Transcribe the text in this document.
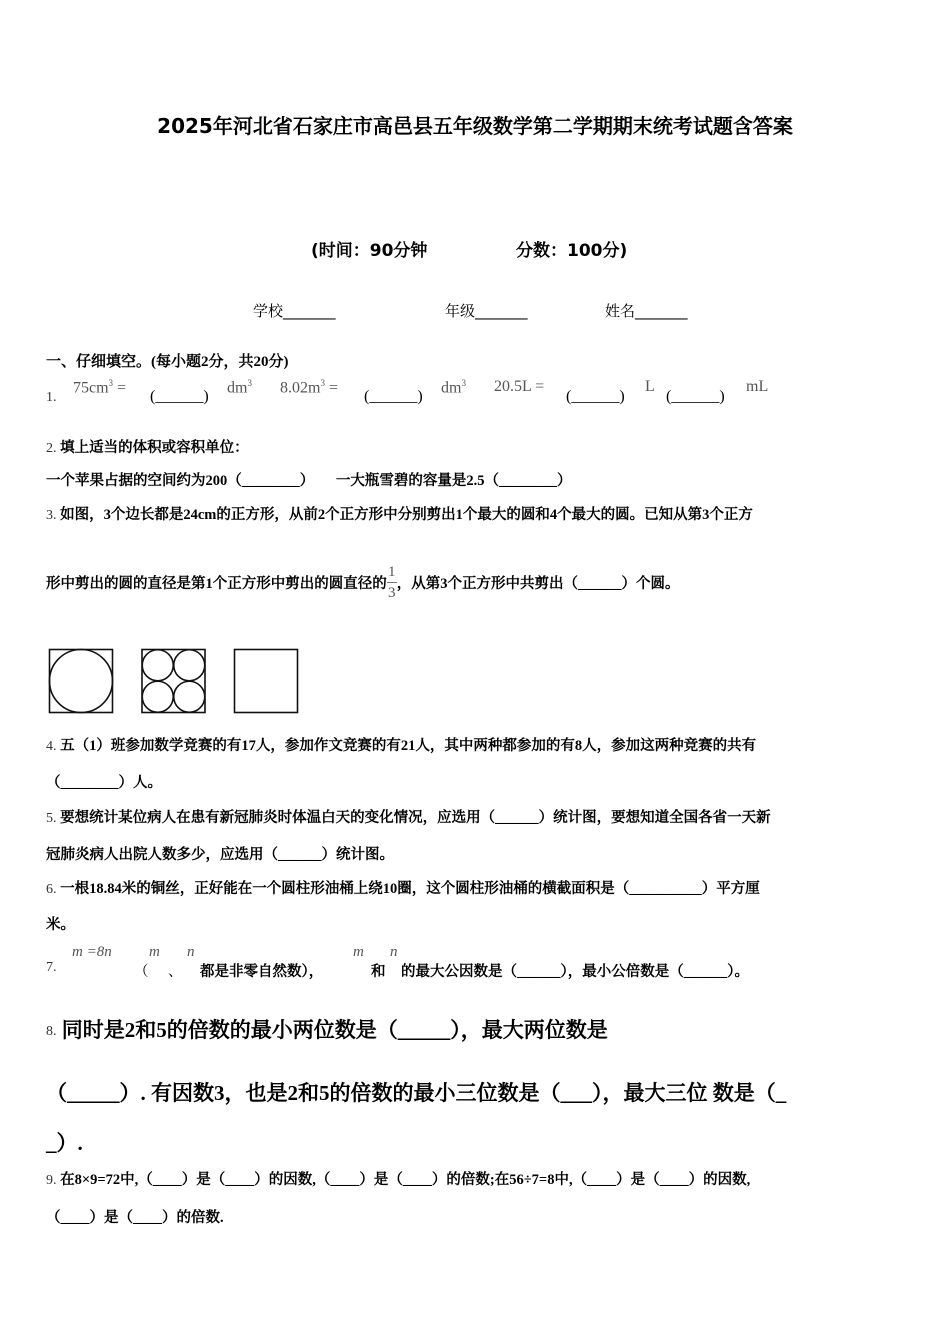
2025年河北省石家庄市高邑县五年级数学第二学期期末统考试题含答案
(时间：90分钟	分数：100分)
学校_______	年级_______	姓名_______
一、仔细填空。(每小题2分，共20分)
1.
$75cm^3$ =
(______)
$dm^3$ $8.02m^3$ =
(______)
$dm^3$ 20.5L =
(______)
L
(______)
mL
2. 填上适当的体积或容积单位：
一个苹果占据的空间约为200（________） 一大瓶雪碧的容量是2.5（________）
3. 如图，3个边长都是24cm的正方形，从前2个正方形中分别剪出1个最大的圆和4个最大的圆。已知从第3个正方
形中剪出的圆的直径是第1个正方形中剪出的圆直径的$\frac{1}{3}$，从第3个正方形中共剪出（______）个圆。
4. 五（1）班参加数学竞赛的有17人，参加作文竞赛的有21人，其中两种都参加的有8人，参加这两种竞赛的共有
（________）人。
5. 要想统计某位病人在患有新冠肺炎时体温白天的变化情况，应选用（______）统计图，要想知道全国各省一天新
冠肺炎病人出院人数多少，应选用（______）统计图。
6. 一根18.84米的铜丝，正好能在一个圆柱形油桶上绕10圈，这个圆柱形油桶的横截面积是（__________）平方厘
米。
7.
m =8n
（
m
、
n
都是非零自然数），
m
和
n
的最大公因数是（______），最小公倍数是（______）。
8. 同时是2和5的倍数的最小两位数是（_____），最大两位数是
（_____）. 有因数3，也是2和5的倍数的最小三位数是（___），最大三位 数是（_
_）.
9. 在8×9=72中,（____）是（____）的因数,（____）是（____）的倍数;在56÷7=8中,（____）是（____）的因数,
（____）是（____）的倍数.
